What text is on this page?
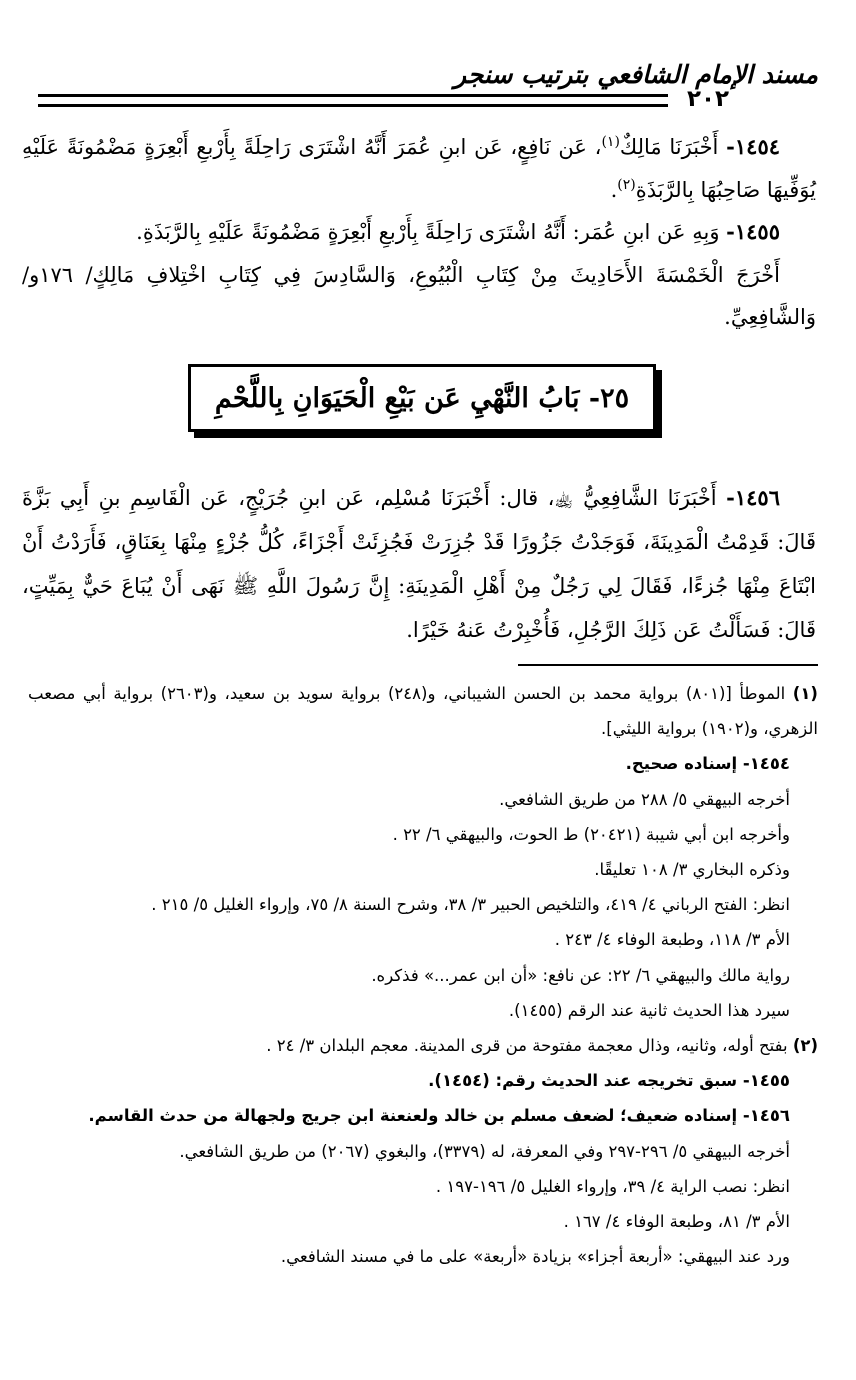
مسند الإمام الشافعي بترتيب سنجر
٢٠٢

١٤٥٤- أَخْبَرَنَا مَالِكٌ$^{(١)}$، عَن نَافِعٍ، عَن ابنِ عُمَرَ أَنَّهُ اشْتَرَى رَاحِلَةً بِأَرْبعِ أَبْعِرَةٍ مَضْمُونَةً عَلَيْهِ يُوَفِّيهَا صَاحِبُهَا بِالرَّبَذَةِ$^{(٢)}$.

١٤٥٥- وَبِهِ عَن ابنِ عُمَر: أَنَّهُ اشْتَرَى رَاحِلَةً بِأَرْبعِ أَبْعِرَةٍ مَضْمُونَةً عَلَيْهِ بِالرَّبَذَةِ.

أَخْرَجَ الْخَمْسَةَ الأَحَادِيثَ مِنْ كِتَابِ الْبُيُوعِ، وَالسَّادِسَ فِي كِتَابِ اخْتِلافِ مَالِكٍ/ ١٧٦و/ وَالشَّافِعِيِّ.

٢٥- بَابُ النَّهْيِ عَن بَيْعِ الْحَيَوَانِ بِاللَّحْمِ

١٤٥٦- أَخْبَرَنَا الشَّافِعِيُّ ﵀، قال: أَخْبَرَنَا مُسْلِم، عَن ابنِ جُرَيْجٍ، عَن الْقَاسِمِ بنِ أَبِي بَزَّةَ قَالَ: قَدِمْتُ الْمَدِينَةَ، فَوَجَدْتُ جَزُورًا قَدْ جُزِرَتْ فَجُزِئَتْ أَجْزَاءً، كُلُّ جُزْءٍ مِنْهَا بِعَنَاقٍ، فَأَرَدْتُ أَنْ ابْتَاعَ مِنْهَا جُزءًا، فَقَالَ لِي رَجُلٌ مِنْ أَهْلِ الْمَدِينَةِ: إِنَّ رَسُولَ اللَّهِ ﷺ نَهَى أَنْ يُبَاعَ حَيٌّ بِمَيِّتٍ، قَالَ: فَسَأَلْتُ عَن ذَلِكَ الرَّجُلِ، فَأُخْبِرْتُ عَنهُ خَيْرًا.

(١) الموطأ [(٨٠١) برواية محمد بن الحسن الشيباني، و(٢٤٨) برواية سويد بن سعيد، و(٢٦٠٣) برواية أبي مصعب الزهري، و(١٩٠٢) برواية الليثي].

١٤٥٤- إسناده صحيح.

أخرجه البيهقي ٥/ ٢٨٨ من طريق الشافعي.

وأخرجه ابن أبي شيبة (٢٠٤٢١) ط الحوت، والبيهقي ٦/ ٢٢ .

وذكره البخاري ٣/ ١٠٨ تعليقًا.

انظر: الفتح الرباني ٤/ ٤١٩، والتلخيص الحبير ٣/ ٣٨، وشرح السنة ٨/ ٧٥، وإرواء الغليل ٥/ ٢١٥ .

الأم ٣/ ١١٨، وطبعة الوفاء ٤/ ٢٤٣ .

رواية مالك والبيهقي ٦/ ٢٢: عن نافع: «أن ابن عمر...» فذكره.

سيرد هذا الحديث ثانية عند الرقم (١٤٥٥).

(٢) بفتح أوله، وثانيه، وذال معجمة مفتوحة من قرى المدينة. معجم البلدان ٣/ ٢٤ .

١٤٥٥- سبق تخريجه عند الحديث رقم: (١٤٥٤).

١٤٥٦- إسناده ضعيف؛ لضعف مسلم بن خالد ولعنعنة ابن جريج ولجهالة من حدث القاسم.

أخرجه البيهقي ٥/ ٢٩٦-٢٩٧ وفي المعرفة، له (٣٣٧٩)، والبغوي (٢٠٦٧) من طريق الشافعي.

انظر: نصب الراية ٤/ ٣٩، وإرواء الغليل ٥/ ١٩٦-١٩٧ .

الأم ٣/ ٨١، وطبعة الوفاء ٤/ ١٦٧ .

ورد عند البيهقي: «أربعة أجزاء» بزيادة «أربعة» على ما في مسند الشافعي.
